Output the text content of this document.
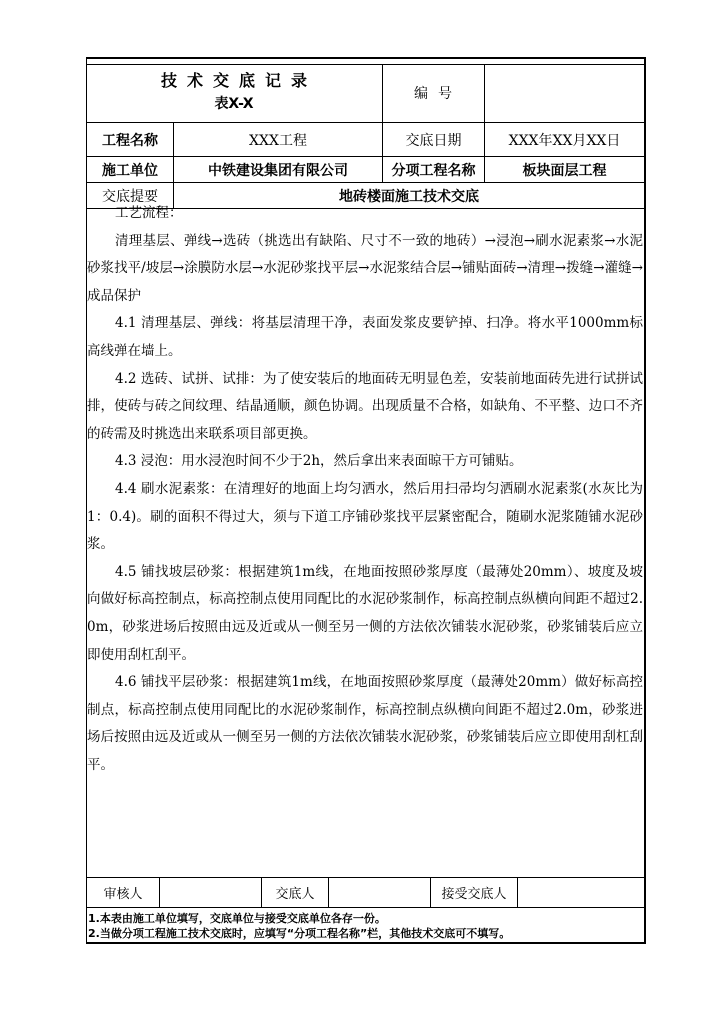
技术交底记录
表X-X
编号
工程名称	XXX工程	交底日期	XXX年XX月XX日
施工单位	中铁建设集团有限公司	分项工程名称	板块面层工程
交底提要	地砖楼面施工技术交底

工艺流程：

清理基层、弹线→选砖（挑选出有缺陷、尺寸不一致的地砖）→浸泡→刷水泥素浆→水泥砂浆找平/坡层→涂膜防水层→水泥砂浆找平层→水泥浆结合层→铺贴面砖→清理→拨缝→灌缝→成品保护

4.1 清理基层、弹线：将基层清理干净，表面发浆皮要铲掉、扫净。将水平1000mm标高线弹在墙上。

4.2 选砖、试拼、试排：为了使安装后的地面砖无明显色差，安装前地面砖先进行试拼试排，使砖与砖之间纹理、结晶通顺，颜色协调。出现质量不合格，如缺角、不平整、边口不齐的砖需及时挑选出来联系项目部更换。

4.3 浸泡：用水浸泡时间不少于2h，然后拿出来表面晾干方可铺贴。

4.4 刷水泥素浆：在清理好的地面上均匀洒水，然后用扫帚均匀洒刷水泥素浆(水灰比为1：0.4)。刷的面积不得过大，须与下道工序铺砂浆找平层紧密配合，随刷水泥浆随铺水泥砂浆。

4.5 铺找坡层砂浆：根据建筑1m线，在地面按照砂浆厚度（最薄处20mm）、坡度及坡向做好标高控制点，标高控制点使用同配比的水泥砂浆制作，标高控制点纵横向间距不超过2.0m，砂浆进场后按照由远及近或从一侧至另一侧的方法依次铺装水泥砂浆，砂浆铺装后应立即使用刮杠刮平。

4.6 铺找平层砂浆：根据建筑1m线，在地面按照砂浆厚度（最薄处20mm）做好标高控制点，标高控制点使用同配比的水泥砂浆制作，标高控制点纵横向间距不超过2.0m，砂浆进场后按照由远及近或从一侧至另一侧的方法依次铺装水泥砂浆，砂浆铺装后应立即使用刮杠刮平。

审核人	交底人	接受交底人
1.本表由施工单位填写，交底单位与接受交底单位各存一份。
2.当做分项工程施工技术交底时，应填写“分项工程名称”栏，其他技术交底可不填写。
